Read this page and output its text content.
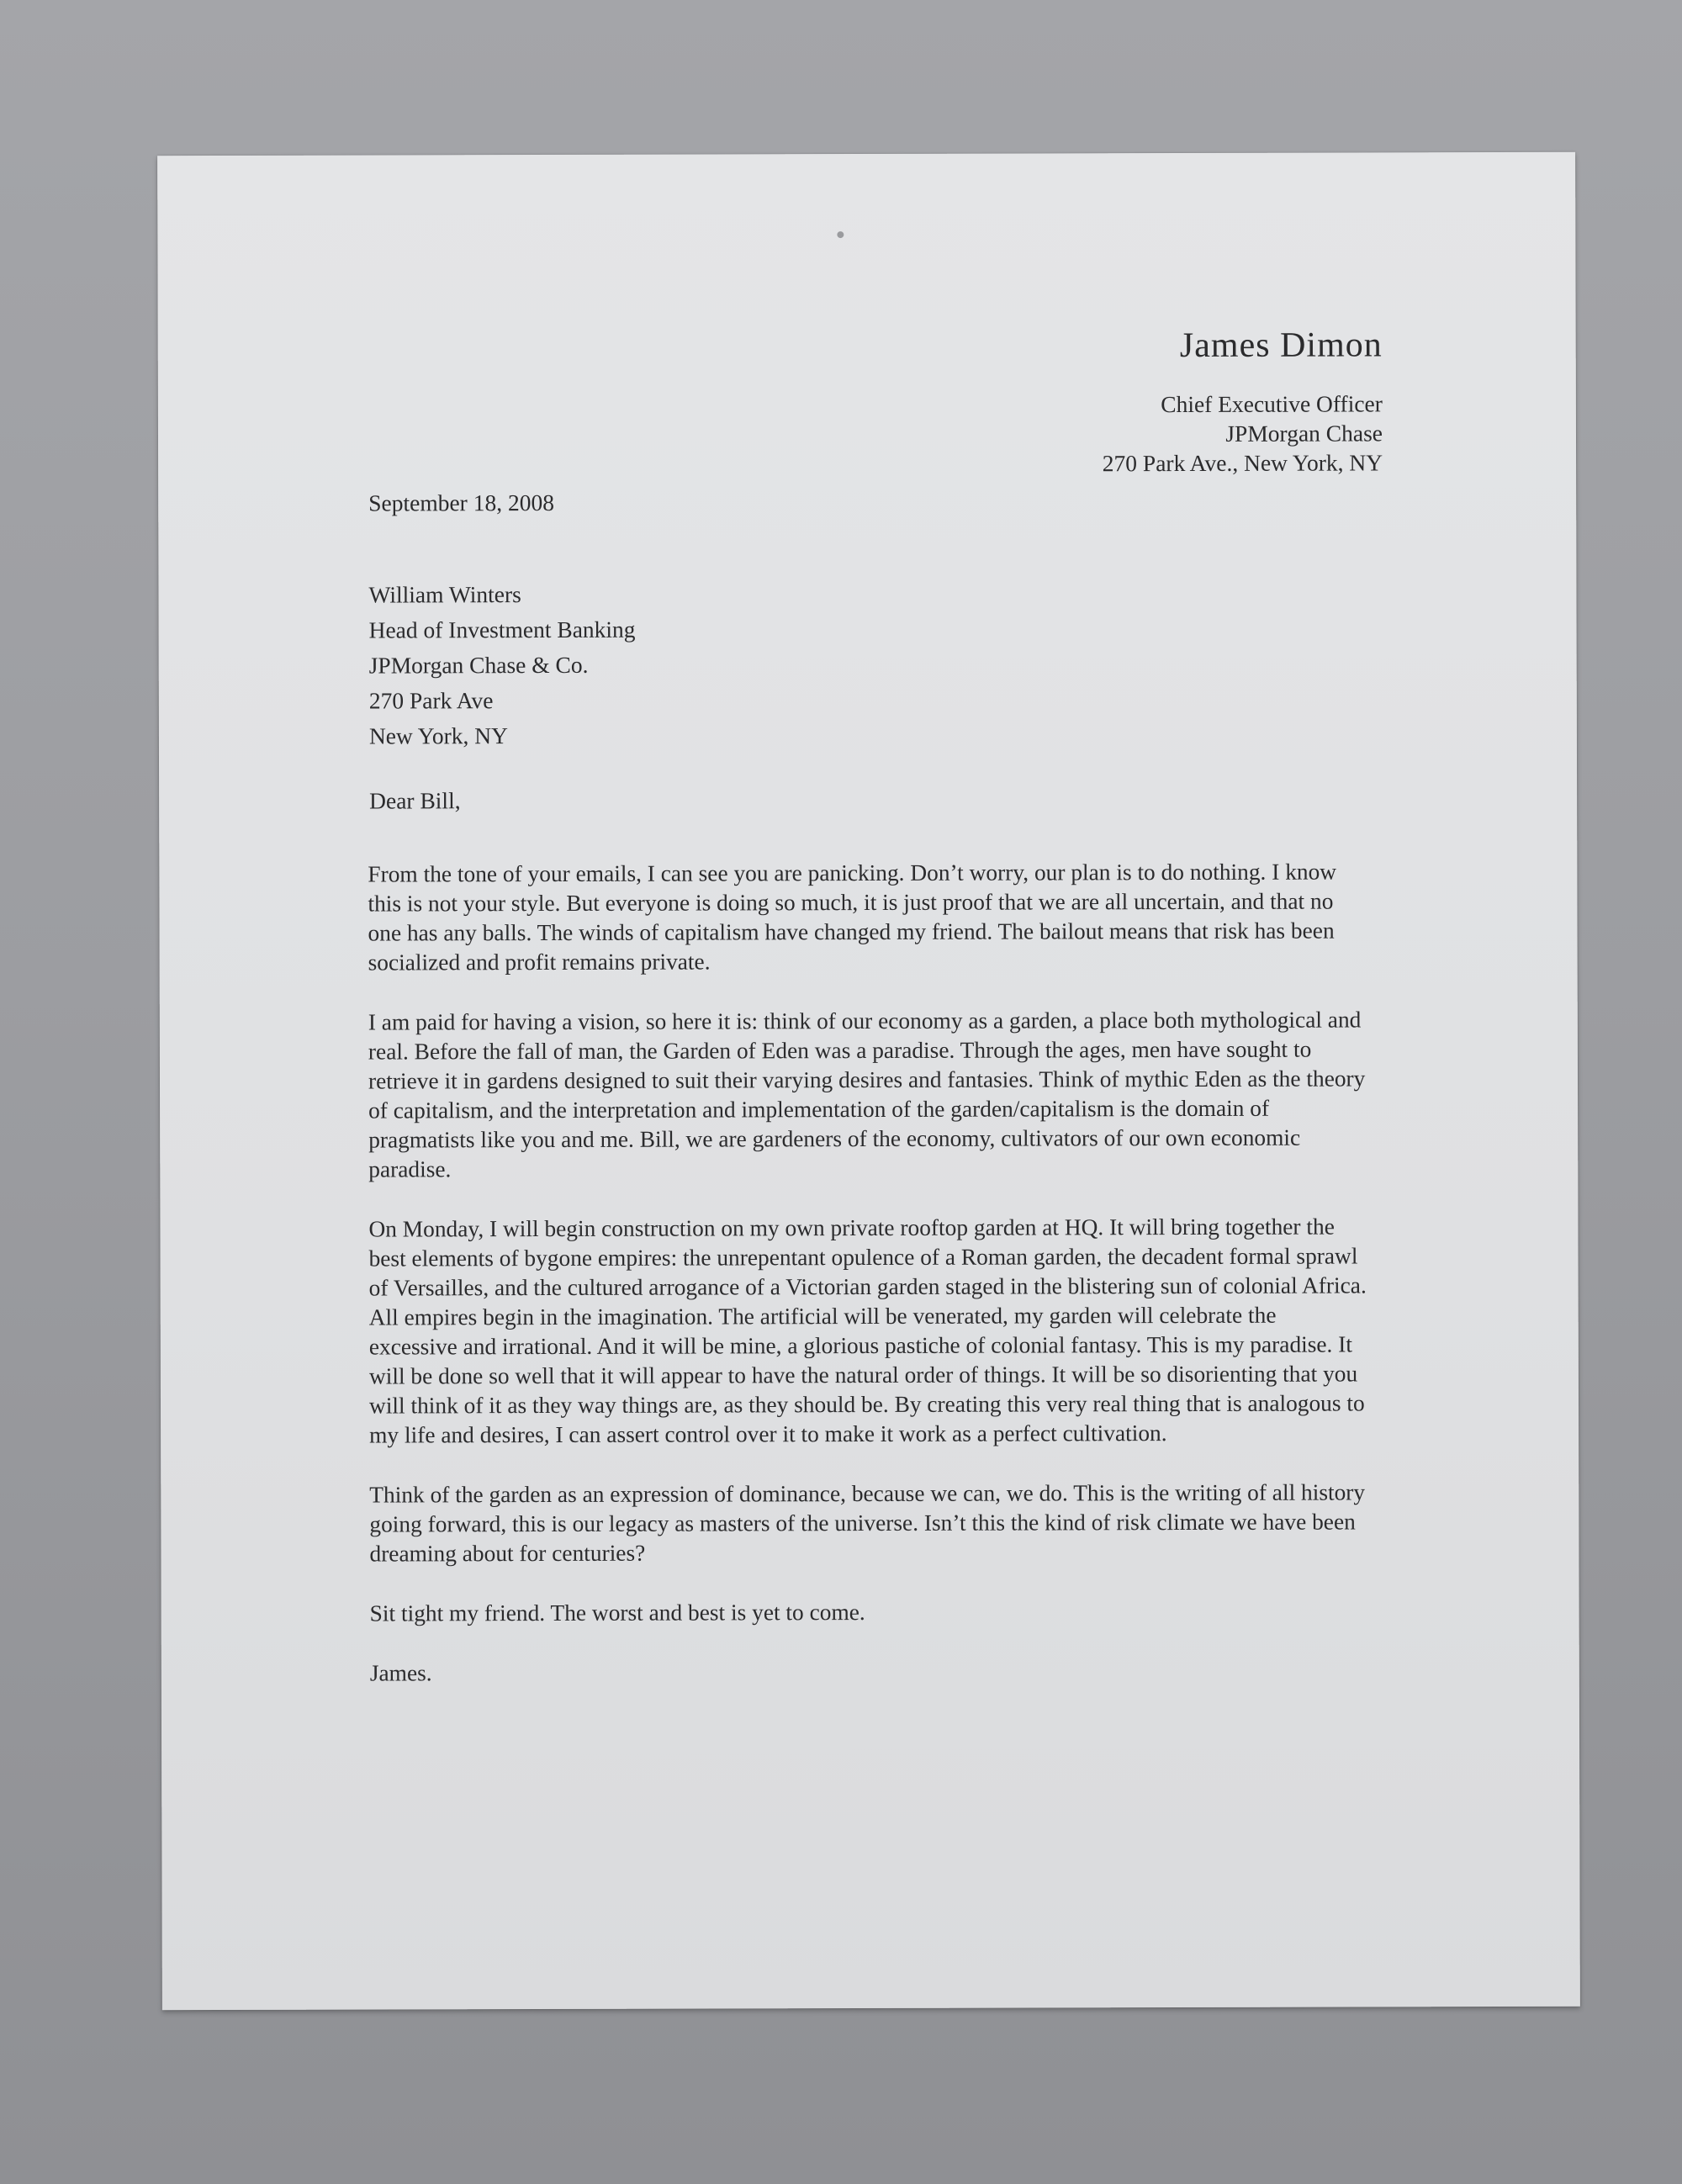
James Dimon
Chief Executive Officer
JPMorgan Chase
270 Park Ave., New York, NY
September 18, 2008
William Winters
Head of Investment Banking
JPMorgan Chase & Co.
270 Park Ave
New York, NY
Dear Bill,

From the tone of your emails, I can see you are panicking. Don’t worry, our plan is to do nothing. I know this is not your style. But everyone is doing so much, it is just proof that we are all uncertain, and that no one has any balls. The winds of capitalism have changed my friend. The bailout means that risk has been socialized and profit remains private.

I am paid for having a vision, so here it is: think of our economy as a garden, a place both mythological and real. Before the fall of man, the Garden of Eden was a paradise. Through the ages, men have sought to retrieve it in gardens designed to suit their varying desires and fantasies. Think of mythic Eden as the theory of capitalism, and the interpretation and implementation of the garden/capitalism is the domain of pragmatists like you and me. Bill, we are gardeners of the economy, cultivators of our own economic paradise.

On Monday, I will begin construction on my own private rooftop garden at HQ. It will bring together the best elements of bygone empires: the unrepentant opulence of a Roman garden, the decadent formal sprawl of Versailles, and the cultured arrogance of a Victorian garden staged in the blistering sun of colonial Africa. All empires begin in the imagination. The artificial will be venerated, my garden will celebrate the excessive and irrational. And it will be mine, a glorious pastiche of colonial fantasy. This is my paradise. It will be done so well that it will appear to have the natural order of things. It will be so disorienting that you will think of it as they way things are, as they should be. By creating this very real thing that is analogous to my life and desires, I can assert control over it to make it work as a perfect cultivation.

Think of the garden as an expression of dominance, because we can, we do. This is the writing of all history going forward, this is our legacy as masters of the universe. Isn’t this the kind of risk climate we have been dreaming about for centuries?

Sit tight my friend. The worst and best is yet to come.

James.
